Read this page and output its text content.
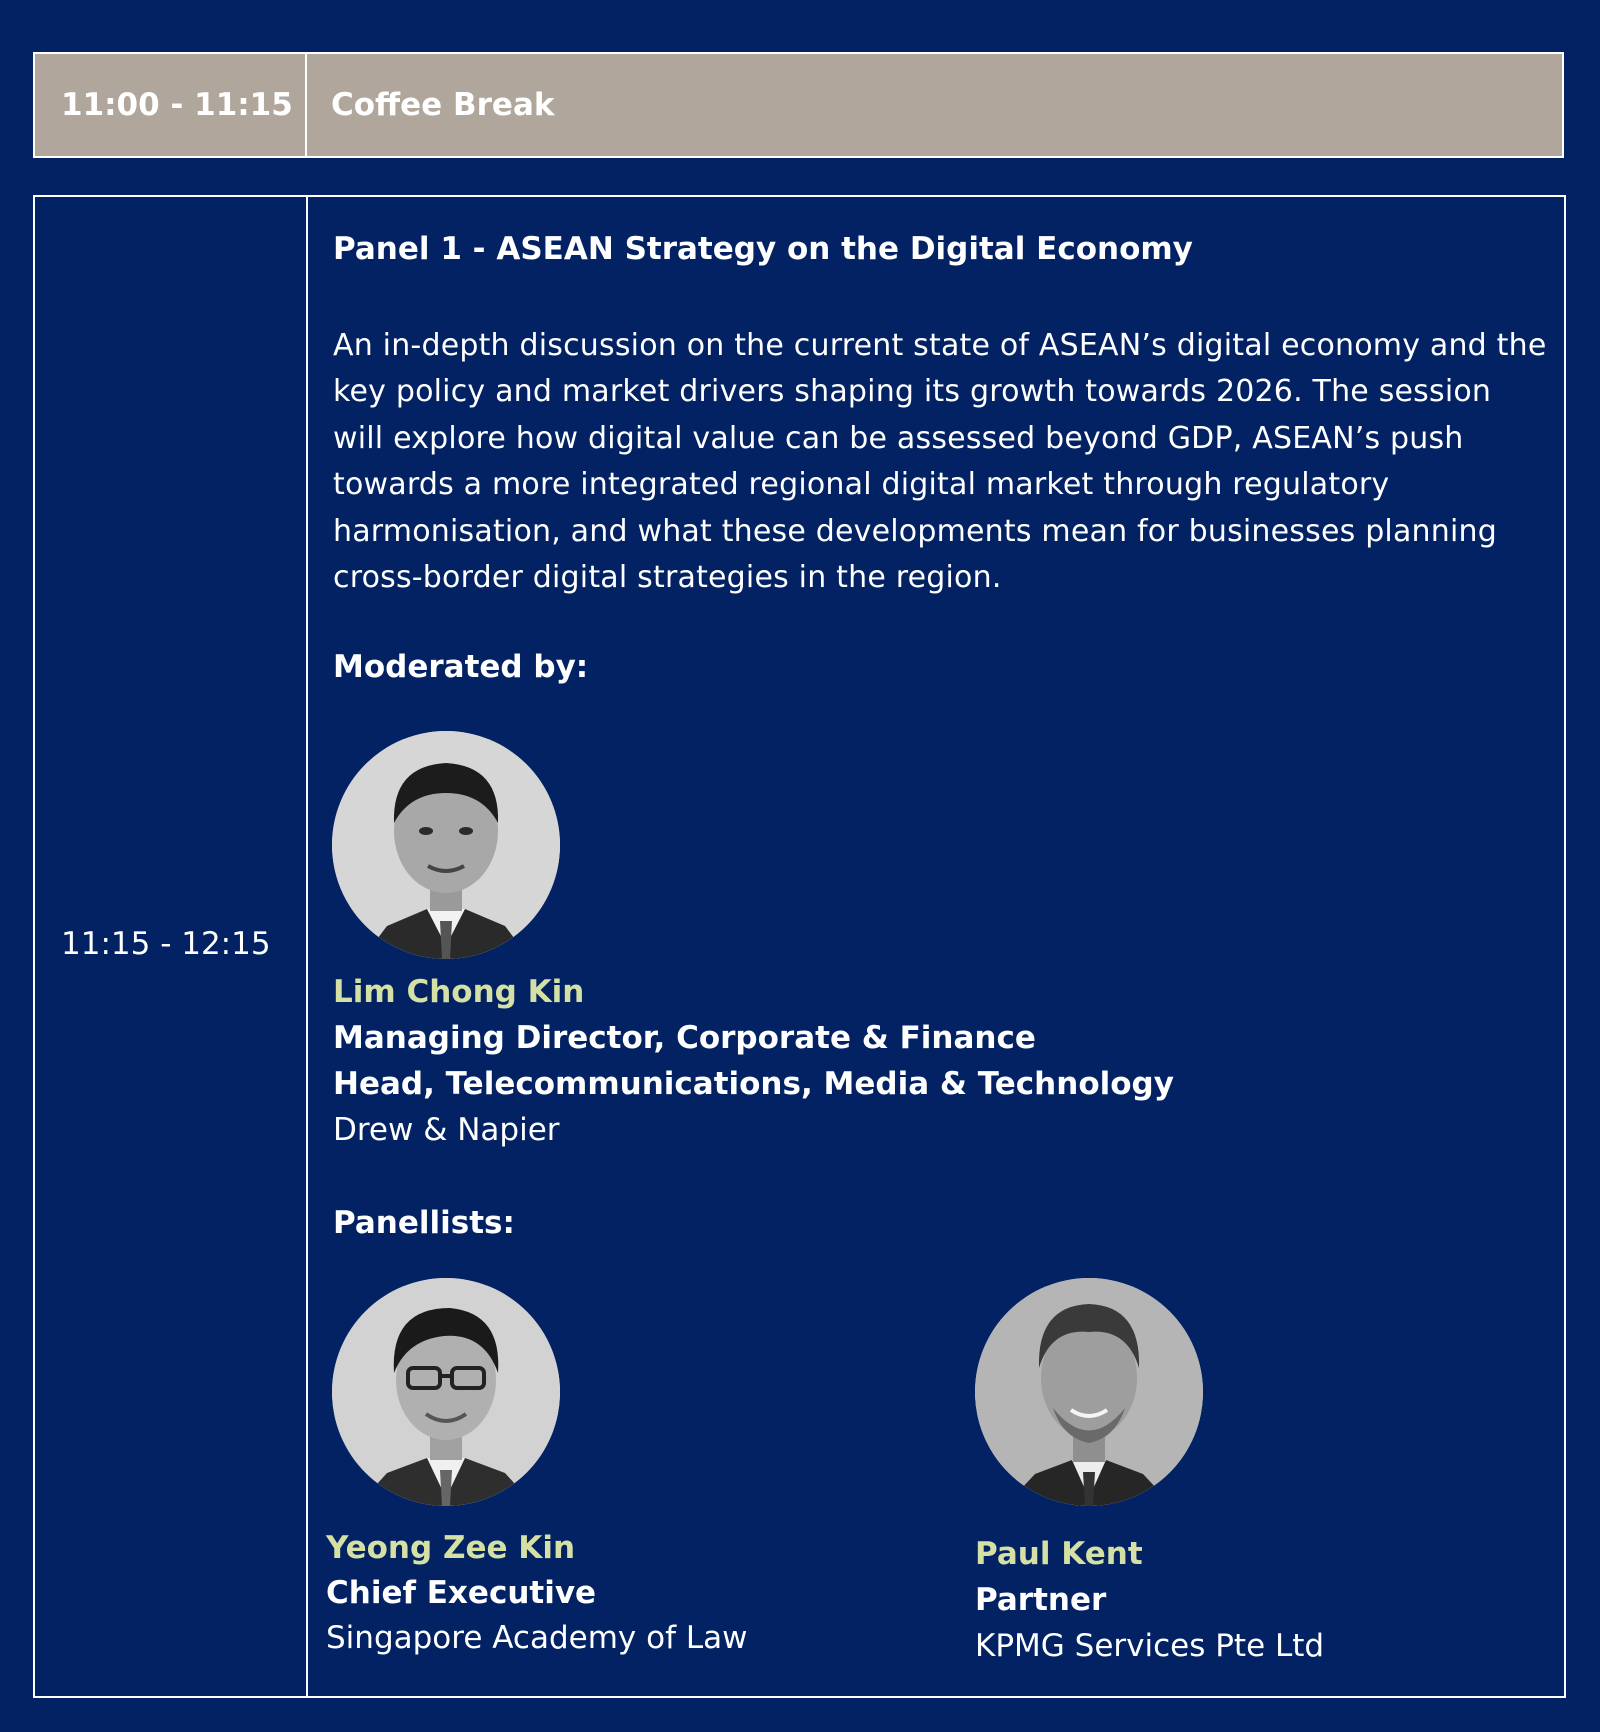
11:00 - 11:15	Coffee Break
11:15 - 12:15
Panel 1 - ASEAN Strategy on the Digital Economy
An in-depth discussion on the current state of ASEAN’s digital economy and the key policy and market drivers shaping its growth towards 2026. The session will explore how digital value can be assessed beyond GDP, ASEAN’s push towards a more integrated regional digital market through regulatory harmonisation, and what these developments mean for businesses planning cross-border digital strategies in the region.
Moderated by:
Lim Chong Kin
Managing Director, Corporate & Finance
Head, Telecommunications, Media & Technology
Drew & Napier
Panellists:
Yeong Zee Kin
Chief Executive
Singapore Academy of Law
Paul Kent
Partner
KPMG Services Pte Ltd
